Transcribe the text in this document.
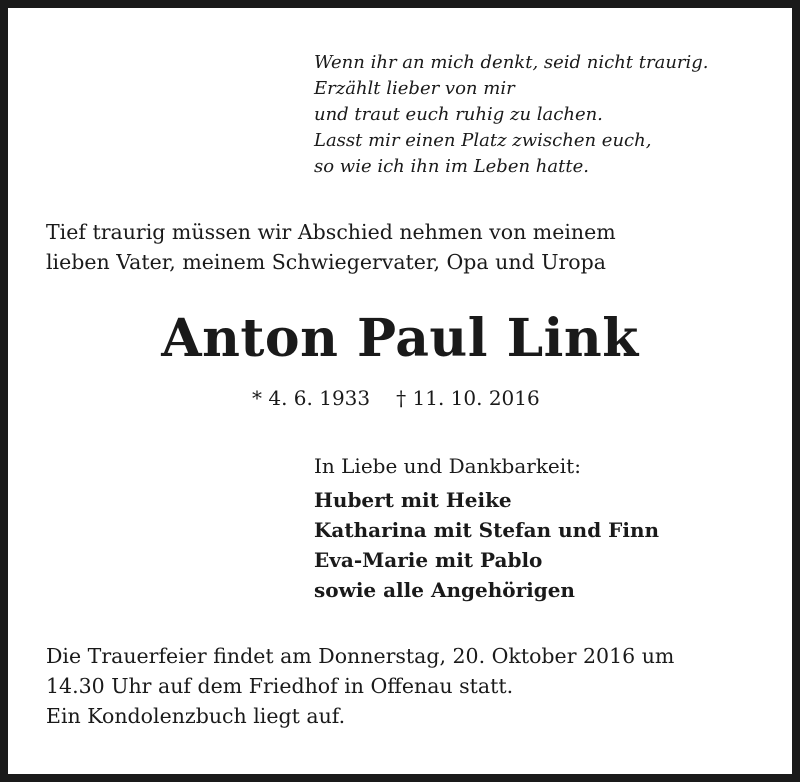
Wenn ihr an mich denkt, seid nicht traurig.
Erzählt lieber von mir
und traut euch ruhig zu lachen.
Lasst mir einen Platz zwischen euch,
so wie ich ihn im Leben hatte.
Tief traurig müssen wir Abschied nehmen von meinem
lieben Vater, meinem Schwiegervater, Opa und Uropa
Anton Paul Link
* 4. 6. 1933 † 11. 10. 2016
In Liebe und Dankbarkeit:
Hubert mit Heike
Katharina mit Stefan und Finn
Eva-Marie mit Pablo
sowie alle Angehörigen
Die Trauerfeier findet am Donnerstag, 20. Oktober 2016 um
14.30 Uhr auf dem Friedhof in Offenau statt.
Ein Kondolenzbuch liegt auf.
